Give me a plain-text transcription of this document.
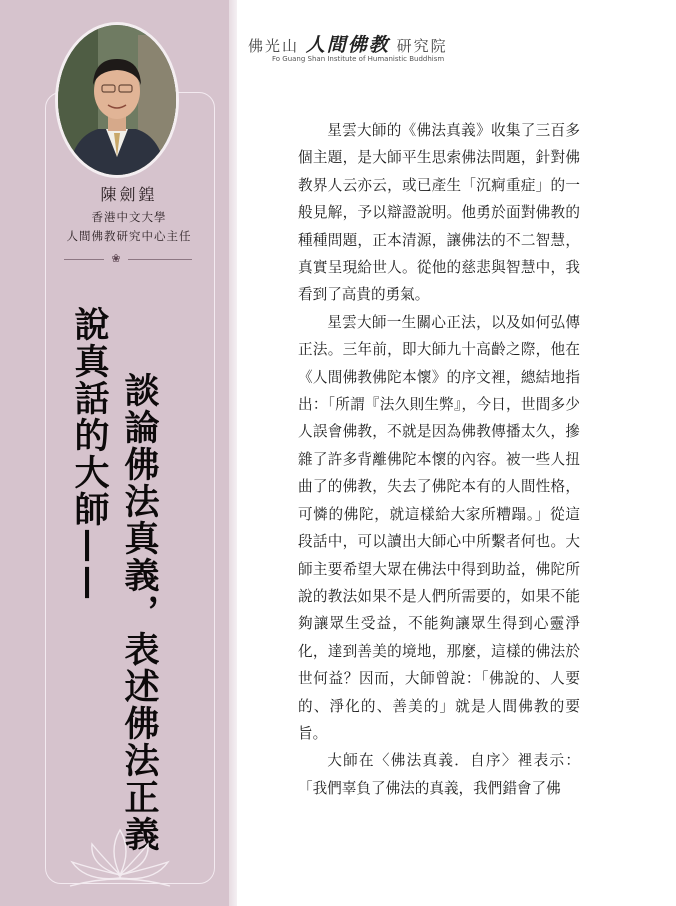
陳劍鍠
香港中文大學
人間佛教研究中心主任
❀
談論佛法真義，表述佛法正義
說真話的大師——
佛光山 人間佛教 研究院
Fo Guang Shan Institute of Humanistic Buddhism

星雲大師的《佛法真義》收集了三百多個主題，是大師平生思索佛法問題，針對佛教界人云亦云，或已產生「沉痾重症」的一般見解，予以辯證說明。他勇於面對佛教的種種問題，正本清源，讓佛法的不二智慧，真實呈現給世人。從他的慈悲與智慧中，我看到了高貴的勇氣。

星雲大師一生關心正法，以及如何弘傳正法。三年前，即大師九十高齡之際，他在《人間佛教佛陀本懷》的序文裡，總結地指出：「所謂『法久則生弊』，今日，世間多少人誤會佛教，不就是因為佛教傳播太久，摻雜了許多背離佛陀本懷的內容。被一些人扭曲了的佛教，失去了佛陀本有的人間性格，可憐的佛陀，就這樣給大家所糟蹋。」從這段話中，可以讀出大師心中所繫者何也。大師主要希望大眾在佛法中得到助益，佛陀所說的教法如果不是人們所需要的，如果不能夠讓眾生受益，不能夠讓眾生得到心靈淨化，達到善美的境地，那麼，這樣的佛法於世何益？因而，大師曾說：「佛說的、人要的、淨化的、善美的」就是人間佛教的要旨。

大師在〈佛法真義．自序〉裡表示：「我們辜負了佛法的真義，我們錯會了佛
